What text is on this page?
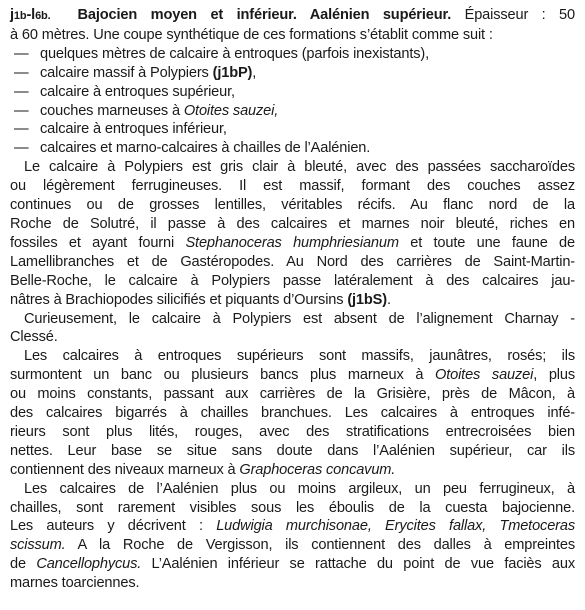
j1b-l6b. Bajocien moyen et inférieur. Aalénien supérieur. Épaisseur : 50
à 60 mètres. Une coupe synthétique de ces formations s’établit comme suit :
— quelques mètres de calcaire à entroques (parfois inexistants),
— calcaire massif à Polypiers (j1bP),
— calcaire à entroques supérieur,
— couches marneuses à Otoites sauzei,
— calcaire à entroques inférieur,
— calcaires et marno-calcaires à chailles de l’Aalénien.
Le calcaire à Polypiers est gris clair à bleuté, avec des passées saccharoïdes
ou légèrement ferrugineuses. Il est massif, formant des couches assez
continues ou de grosses lentilles, véritables récifs. Au flanc nord de la
Roche de Solutré, il passe à des calcaires et marnes noir bleuté, riches en
fossiles et ayant fourni Stephanoceras humphriesianum et toute une faune de
Lamellibranches et de Gastéropodes. Au Nord des carrières de Saint-Martin-
Belle-Roche, le calcaire à Polypiers passe latéralement à des calcaires jau-
nâtres à Brachiopodes silicifiés et piquants d’Oursins (j1bS).
Curieusement, le calcaire à Polypiers est absent de l’alignement Charnay -
Clessé.
Les calcaires à entroques supérieurs sont massifs, jaunâtres, rosés; ils
surmontent un banc ou plusieurs bancs plus marneux à Otoites sauzei, plus
ou moins constants, passant aux carrières de la Grisière, près de Mâcon, à
des calcaires bigarrés à chailles branchues. Les calcaires à entroques infé-
rieurs sont plus lités, rouges, avec des stratifications entrecroisées bien
nettes. Leur base se situe sans doute dans l’Aalénien supérieur, car ils
contiennent des niveaux marneux à Graphoceras concavum.
Les calcaires de l’Aalénien plus ou moins argileux, un peu ferrugineux, à
chailles, sont rarement visibles sous les éboulis de la cuesta bajocienne.
Les auteurs y décrivent : Ludwigia murchisonae, Erycites fallax, Tmetoceras
scissum. A la Roche de Vergisson, ils contiennent des dalles à empreintes
de Cancellophycus. L’Aalénien inférieur se rattache du point de vue faciès aux
marnes toarciennes.
